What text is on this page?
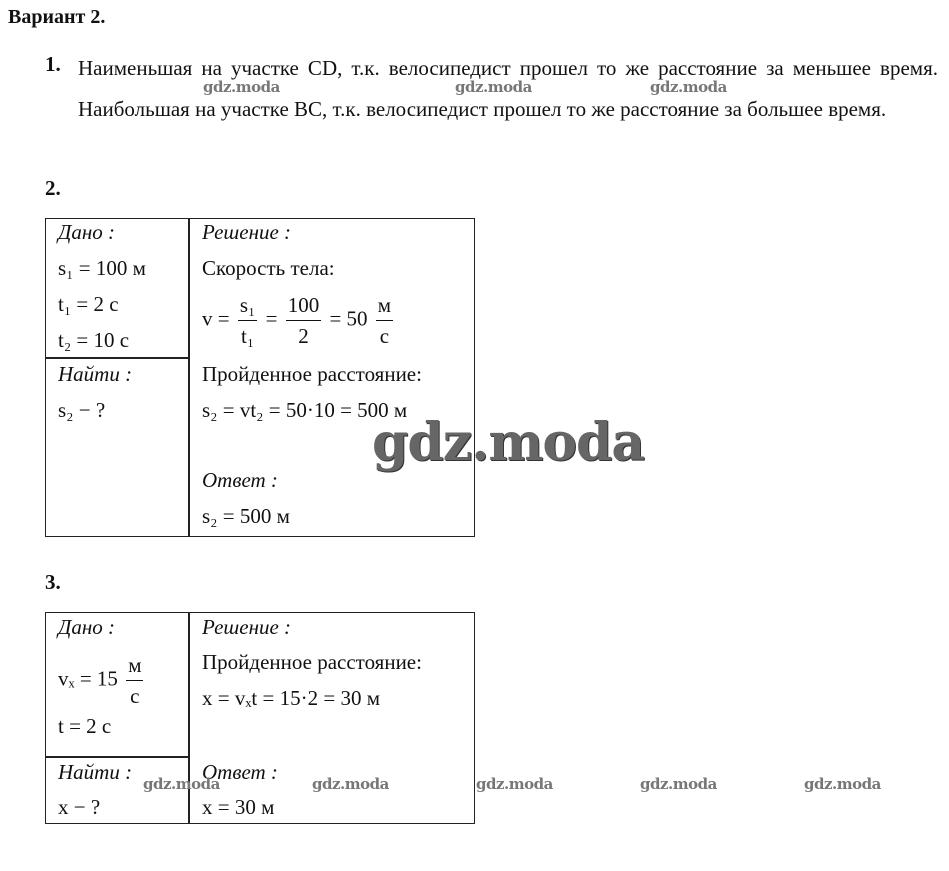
Вариант 2.
1. Наименьшая на участке CD, т.к. велосипедист прошел то же расстояние за меньшее время. Наибольшая на участке BC, т.к. велосипедист прошел то же расстояние за большее время.
2.
Дано :
s₁ = 100 м
t₁ = 2 с
t₂ = 10 с
Найти :
s₂ − ?
Решение :
Скорость тела:
$v = \frac{\text{s₁}}{\text{t₁}} = \frac{100}{2} = 50 \frac{м}{с}$
Пройденное расстояние:
s₂ = vt₂ = 50·10 = 500 м
Ответ :
s₂ = 500 м
gdz.moda
3.
Дано :
$v_x = 15 \frac{м}{с}$
t = 2 с
Найти :
x − ?
Решение :
Пройденное расстояние:
x = vₓt = 15·2 = 30 м
Ответ :
x = 30 м
gdz.moda	gdz.moda	gdz.moda
gdz.moda	gdz.moda	gdz.moda	gdz.moda	gdz.moda
